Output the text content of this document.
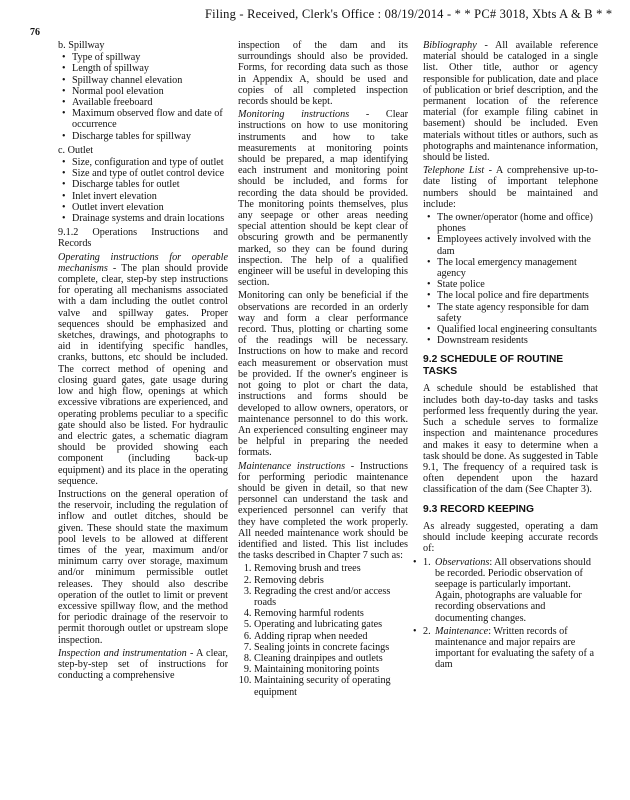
Filing - Received, Clerk's Office : 08/19/2014 - * * PC# 3018, Xbts A & B * *
76
b. Spillway
• Type of spillway
• Length of spillway
• Spillway channel elevation
• Normal pool elevation
• Available freeboard
• Maximum observed flow and date of occurrence
• Discharge tables for spillway
c. Outlet
• Size, configuration and type of outlet
• Size and type of outlet control device
• Discharge tables for outlet
• Inlet invert elevation
• Outlet invert elevation
• Drainage systems and drain locations

9.1.2 Operations Instructions and Records

Operating instructions for operable mechanisms - The plan should provide complete, clear, step-by step instructions for operating all mechanisms associated with a dam including the outlet control valve and spillway gates. Proper sequences should be emphasized and sketches, drawings, and photographs to aid in identifying specific handles, cranks, buttons, etc should be included. The correct method of opening and closing guard gates, gate usage during low and high flow, openings at which excessive vibrations are experienced, and operating problems peculiar to a specific gate should also be listed. For hydraulic and electric gates, a schematic diagram should be provided showing each component (including back-up equipment) and its place in the operating sequence.

Instructions on the general operation of the reservoir, including the regulation of inflow and outlet ditches, should be given. These should state the maximum pool levels to be allowed at different times of the year, maximum and/or minimum carry over storage, maximum and/or minimum permissible outlet releases. They should also describe operation of the outlet to limit or prevent excessive spillway flow, and the method for periodic drainage of the reservoir to permit thorough outlet or upstream slope inspection.

Inspection and instrumentation - A clear, step-by-step set of instructions for conducting a comprehensive

inspection of the dam and its surroundings should also be provided. Forms, for recording data such as those in Appendix A, should be used and copies of all completed inspection records should be kept.

Monitoring instructions - Clear instructions on how to use monitoring instruments and how to take measurements at monitoring points should be prepared, a map identifying each instrument and monitoring point should be included, and forms for recording the data should be provided. The monitoring points themselves, plus any seepage or other areas needing special attention should be kept clear of obscuring growth and be permanently marked, so they can be found during inspection. The help of a qualified engineer will be useful in developing this section.

Monitoring can only be beneficial if the observations are recorded in an orderly way and form a clear performance record. Thus, plotting or charting some of the readings will be necessary. Instructions on how to make and record each measurement or observation must be provided. If the owner's engineer is not going to plot or chart the data, instructions and forms should be developed to allow owners, operators, or maintenance personnel to do this work. An experienced consulting engineer may be helpful in preparing the needed formats.

Maintenance instructions - Instructions for performing periodic maintenance should be given in detail, so that new personnel can understand the task and experienced personnel can verify that they have completed the work properly. All needed maintenance work should be identified and listed. This list includes the tasks described in Chapter 7 such as:

1. Removing brush and trees
2. Removing debris
3. Regrading the crest and/or access roads
4. Removing harmful rodents
5. Operating and lubricating gates
6. Adding riprap when needed
7. Sealing joints in concrete facings
8. Cleaning drainpipes and outlets
9. Maintaining monitoring points
10. Maintaining security of operating equipment

Bibliography - All available reference material should be cataloged in a single list. Other title, author or agency responsible for publication, date and place of publication or brief description, and the permanent location of the reference material (for example filing cabinet in basement) should be included. Even materials without titles or authors, such as photographs and maintenance information, should be listed.

Telephone List - A comprehensive up-to-date listing of important telephone numbers should be maintained and include:

• The owner/operator (home and office) phones
• Employees actively involved with the dam
• The local emergency management agency
• State police
• The local police and fire departments
• The state agency responsible for dam safety
• Qualified local engineering consultants
• Downstream residents
9.2 SCHEDULE OF ROUTINE TASKS

A schedule should be established that includes both day-to-day tasks and tasks performed less frequently during the year. Such a schedule serves to formalize inspection and maintenance procedures and makes it easy to determine when a task should be done. As suggested in Table 9.1, The frequency of a required task is often dependent upon the hazard classification of the dam (See Chapter 3).

9.3 RECORD KEEPING

As already suggested, operating a dam should include keeping accurate records of:

• 1. Observations: All observations should be recorded. Periodic observation of seepage is particularly important. Again, photographs are valuable for recording observations and documenting changes.
• 2. Maintenance: Written records of maintenance and major repairs are important for evaluating the safety of a dam
